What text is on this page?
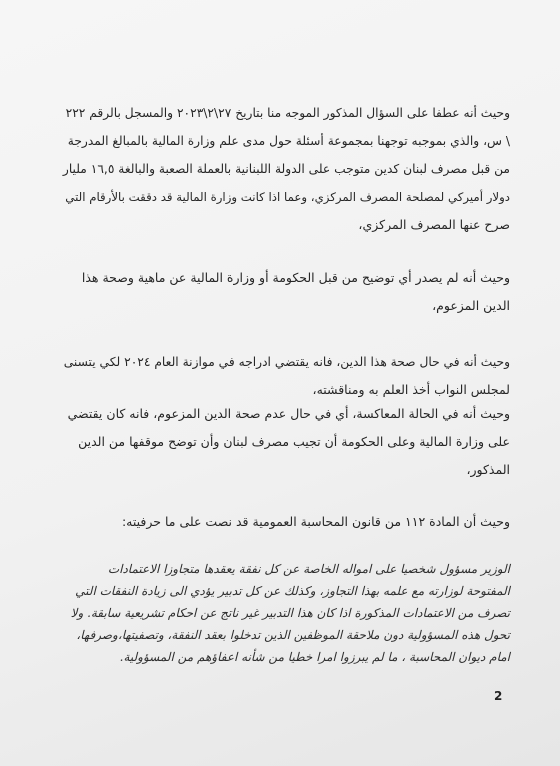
وحيث أنه عطفا على السؤال المذكور الموجه منا بتاريخ ٢٧\٢\٢٠٢٣ والمسجل بالرقم ٢٢٢
\ س، والذي بموجبه توجهنا بمجموعة أسئلة حول مدى علم وزارة المالية بالمبالغ المدرجة
من قبل مصرف لبنان كدين متوجب على الدولة اللبنانية بالعملة الصعبة والبالغة ١٦,٥ مليار
دولار أميركي لمصلحة المصرف المركزي، وعما اذا كانت وزارة المالية قد دققت بالأرقام التي
صرح عنها المصرف المركزي،

وحيث أنه لم يصدر أي توضيح من قبل الحكومة أو وزارة المالية عن ماهية وصحة هذا
الدين المزعوم،

وحيث أنه في حال صحة هذا الدين، فانه يقتضي ادراجه في موازنة العام ٢٠٢٤ لكي يتسنى
لمجلس النواب أخذ العلم به ومناقشته،

وحيث أنه في الحالة المعاكسة، أي في حال عدم صحة الدين المزعوم، فانه كان يقتضي
على وزارة المالية وعلى الحكومة أن تجيب مصرف لبنان وأن توضح موقفها من الدين
المذكور،

وحيث أن المادة ١١٢ من قانون المحاسبة العمومية قد نصت على ما حرفيته:

الوزير مسؤول شخصيا على امواله الخاصة عن كل نفقة يعقدها متجاوزا الاعتمادات
المفتوحة لوزارته مع علمه بهذا التجاوز، وكذلك عن كل تدبير يؤدي الى زيادة النفقات التي
تصرف من الاعتمادات المذكورة اذا كان هذا التدبير غير ناتج عن احكام تشريعية سابقة. ولا
تحول هذه المسؤولية دون ملاحقة الموظفين الذين تدخلوا بعقد النفقة، وتصفيتها،وصرفها،
امام ديوان المحاسبة ، ما لم يبرزوا امرا خطيا من شأنه اعفاؤهم من المسؤولية.

2
